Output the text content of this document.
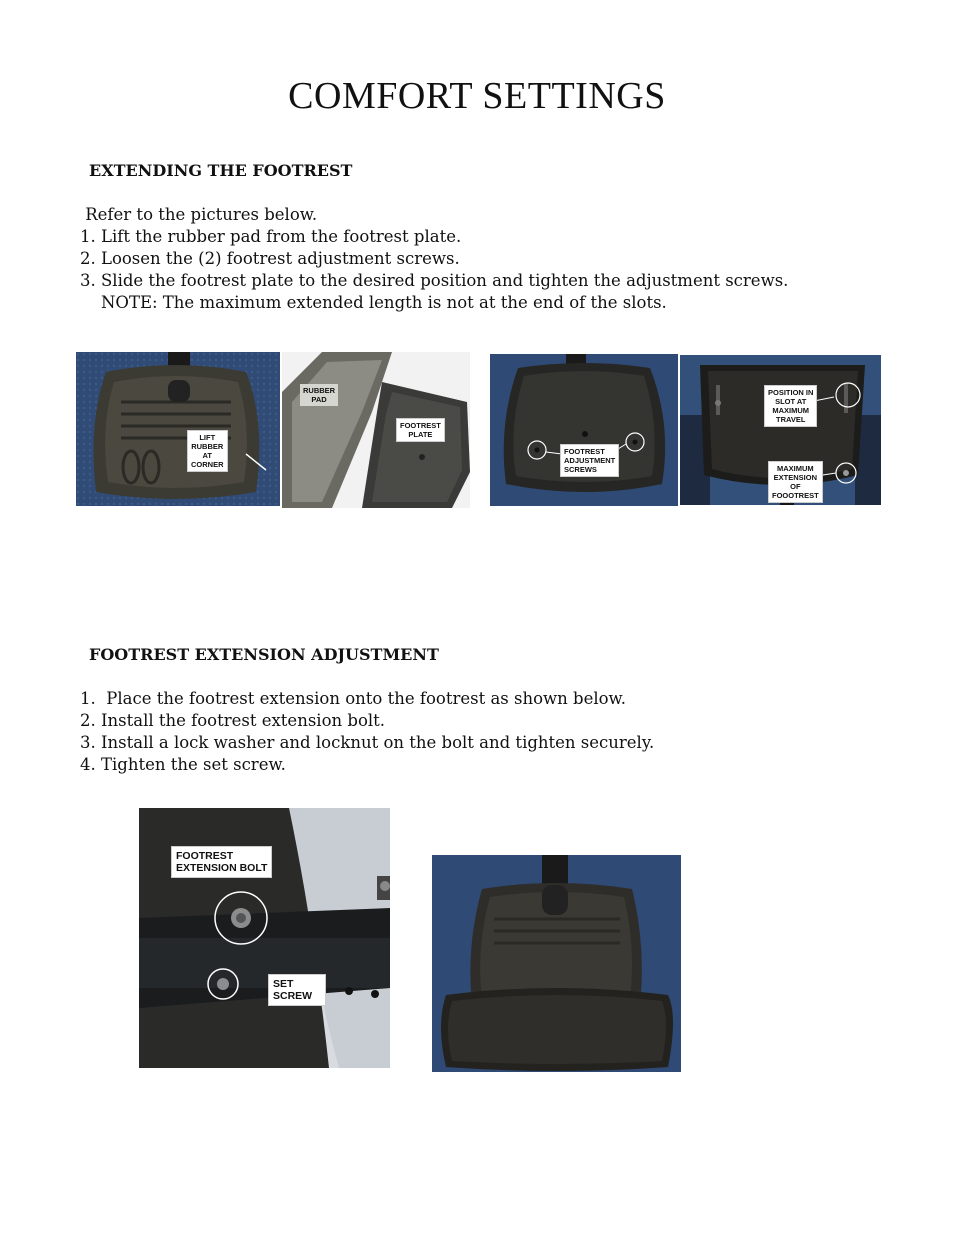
COMFORT SETTINGS
EXTENDING THE FOOTREST
Refer to the pictures below.
1. Lift the rubber pad from the footrest plate.
2. Loosen the (2) footrest adjustment screws.
3. Slide the footrest plate to the desired position and tighten the adjustment screws.
NOTE: The maximum extended length is not at the end of the slots.
LIFT
RUBBER
AT
CORNER
RUBBER
PAD
FOOTREST
PLATE
FOOTREST
ADJUSTMENT
SCREWS
POSITION IN
SLOT AT
MAXIMUM
TRAVEL
MAXIMUM
EXTENSION
OF
FOOOTREST
FOOTREST EXTENSION ADJUSTMENT
1.  Place the footrest extension onto the footrest as shown below.
2. Install the footrest extension bolt.
3. Install a lock washer and locknut on the bolt and tighten securely.
4. Tighten the set screw.
FOOTREST
EXTENSION BOLT
SET
SCREW
